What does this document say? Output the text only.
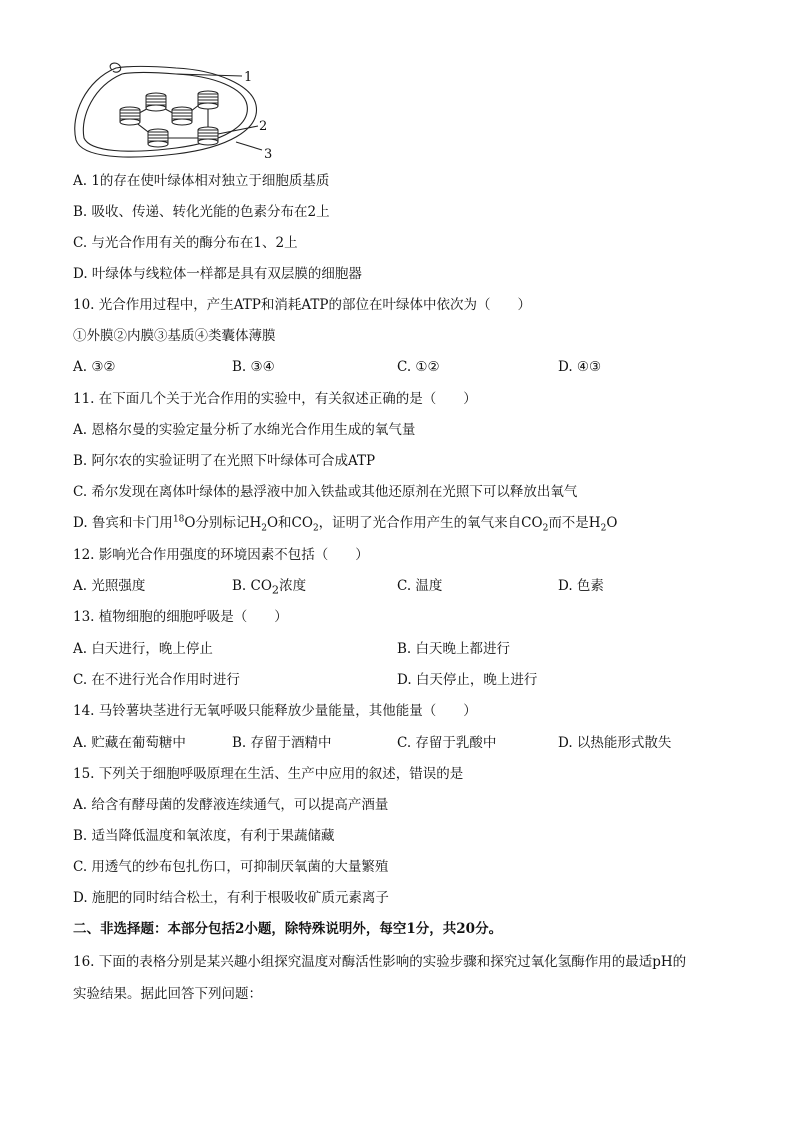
1
2
3
A. 1的存在使叶绿体相对独立于细胞质基质
B. 吸收、传递、转化光能的色素分布在2上
C. 与光合作用有关的酶分布在1、2上
D. 叶绿体与线粒体一样都是具有双层膜的细胞器
10. 光合作用过程中，产生ATP和消耗ATP的部位在叶绿体中依次为（　　）
①外膜②内膜③基质④类囊体薄膜
A. ③②	B. ③④	C. ①②	D. ④③
11. 在下面几个关于光合作用的实验中，有关叙述正确的是（　　）
A. 恩格尔曼的实验定量分析了水绵光合作用生成的氧气量
B. 阿尔农的实验证明了在光照下叶绿体可合成ATP
C. 希尔发现在离体叶绿体的悬浮液中加入铁盐或其他还原剂在光照下可以释放出氧气
D. 鲁宾和卡门用$^{18}$O分别标记$H_2O$和$CO_2$，证明了光合作用产生的氧气来自$CO_2$而不是$H_2O$
12. 影响光合作用强度的环境因素不包括（　　）
A. 光照强度	B. $CO_2$浓度	C. 温度	D. 色素
13. 植物细胞的细胞呼吸是（　　）
A. 白天进行，晚上停止	B. 白天晚上都进行
C. 在不进行光合作用时进行	D. 白天停止，晚上进行
14. 马铃薯块茎进行无氧呼吸只能释放少量能量，其他能量（　　）
A. 贮藏在葡萄糖中	B. 存留于酒精中	C. 存留于乳酸中	D. 以热能形式散失
15. 下列关于细胞呼吸原理在生活、生产中应用的叙述，错误的是
A. 给含有酵母菌的发酵液连续通气，可以提高产酒量
B. 适当降低温度和氧浓度，有利于果蔬储藏
C. 用透气的纱布包扎伤口，可抑制厌氧菌的大量繁殖
D. 施肥的同时结合松土，有利于根吸收矿质元素离子
二、非选择题：本部分包括2小题，除特殊说明外，每空1分，共20分。
16. 下面的表格分别是某兴趣小组探究温度对酶活性影响的实验步骤和探究过氧化氢酶作用的最适pH的
实验结果。据此回答下列问题：
